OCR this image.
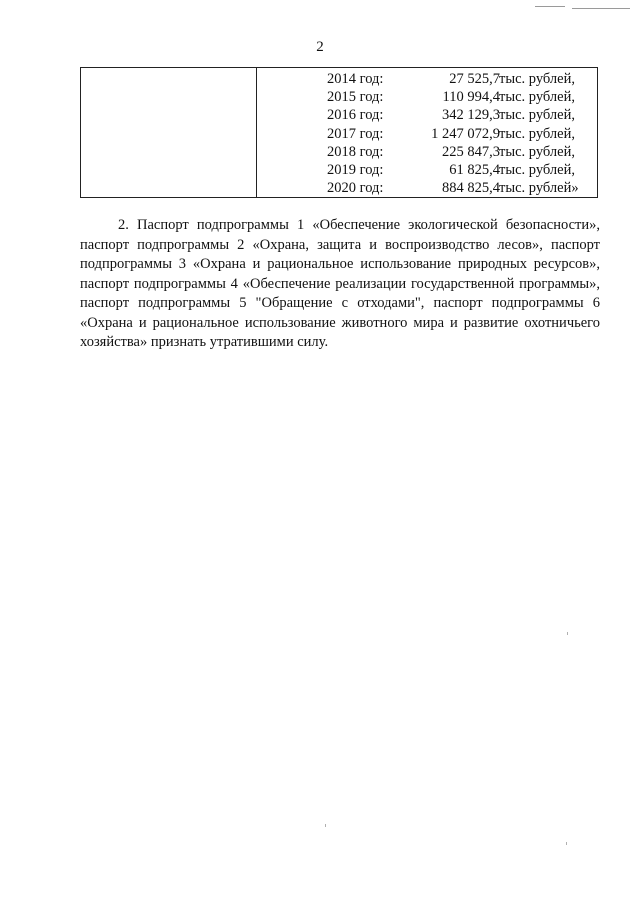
2
2014 год:	27 525,7 тыс. рублей,
2015 год:	110 994,4 тыс. рублей,
2016 год:	342 129,3 тыс. рублей,
2017 год:	1 247 072,9 тыс. рублей,
2018 год:	225 847,3 тыс. рублей,
2019 год:	61 825,4 тыс. рублей,
2020 год:	884 825,4 тыс. рублей»

2. Паспорт подпрограммы 1 «Обеспечение экологической безопасности», паспорт подпрограммы 2 «Охрана, защита и воспроизводство лесов», паспорт подпрограммы 3 «Охрана и рациональное использование природных ресурсов», паспорт подпрограммы 4 «Обеспечение реализации государственной программы», паспорт подпрограммы 5 "Обращение с отходами", паспорт подпрограммы 6 «Охрана и рациональное использование животного мира и развитие охотничьего хозяйства» признать утратившими силу.
